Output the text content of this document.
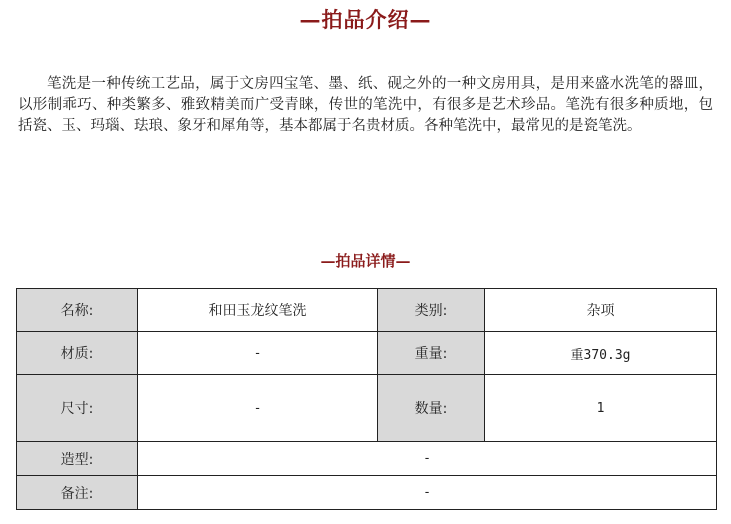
—拍品介绍—

笔洗是一种传统工艺品，属于文房四宝笔、墨、纸、砚之外的一种文房用具，是用来盛水洗笔的器皿，以形制乖巧、种类繁多、雅致精美而广受青睐，传世的笔洗中，有很多是艺术珍品。笔洗有很多种质地，包括瓷、玉、玛瑙、珐琅、象牙和犀角等，基本都属于名贵材质。各种笔洗中，最常见的是瓷笔洗。

—拍品详情—
名称:	和田玉龙纹笔洗	类别:	杂项
材质:	-	重量:	重370.3g
尺寸:	-	数量:	1
造型:	-		
备注:	-		
